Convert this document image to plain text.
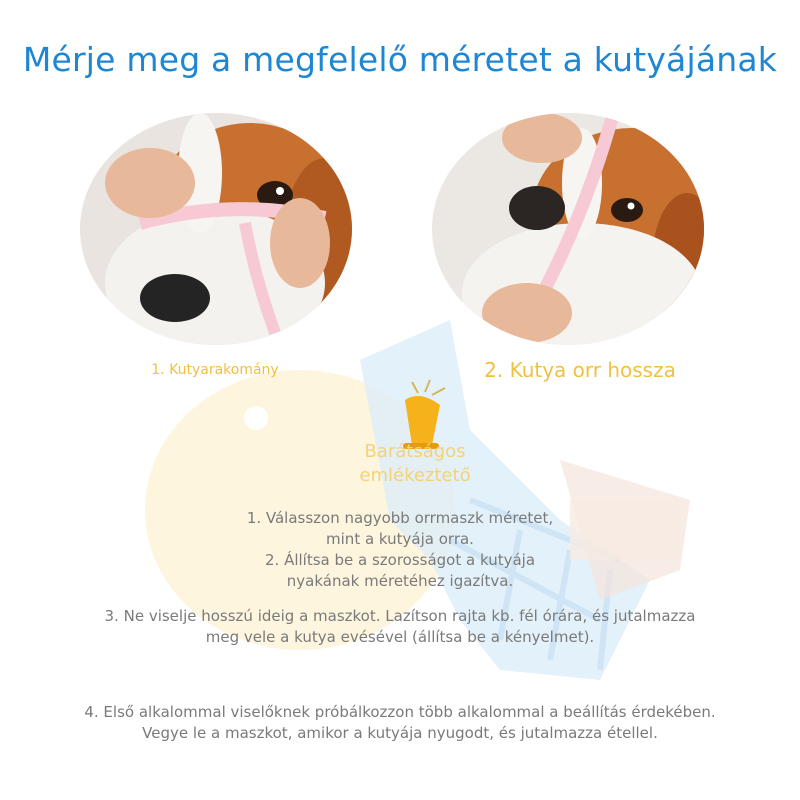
Mérje meg a megfelelő méretet a kutyájának
1. Kutyarakomány	2. Kutya orr hossza
Barátságos
emlékeztető
1. Válasszon nagyobb orrmaszk méretet,
mint a kutyája orra.
2. Állítsa be a szorosságot a kutyája
nyakának méretéhez igazítva.
3. Ne viselje hosszú ideig a maszkot. Lazítson rajta kb. fél órára, és jutalmazza
meg vele a kutya evésével (állítsa be a kényelmet).
4. Első alkalommal viselőknek próbálkozzon több alkalommal a beállítás érdekében.
Vegye le a maszkot, amikor a kutyája nyugodt, és jutalmazza étellel.
